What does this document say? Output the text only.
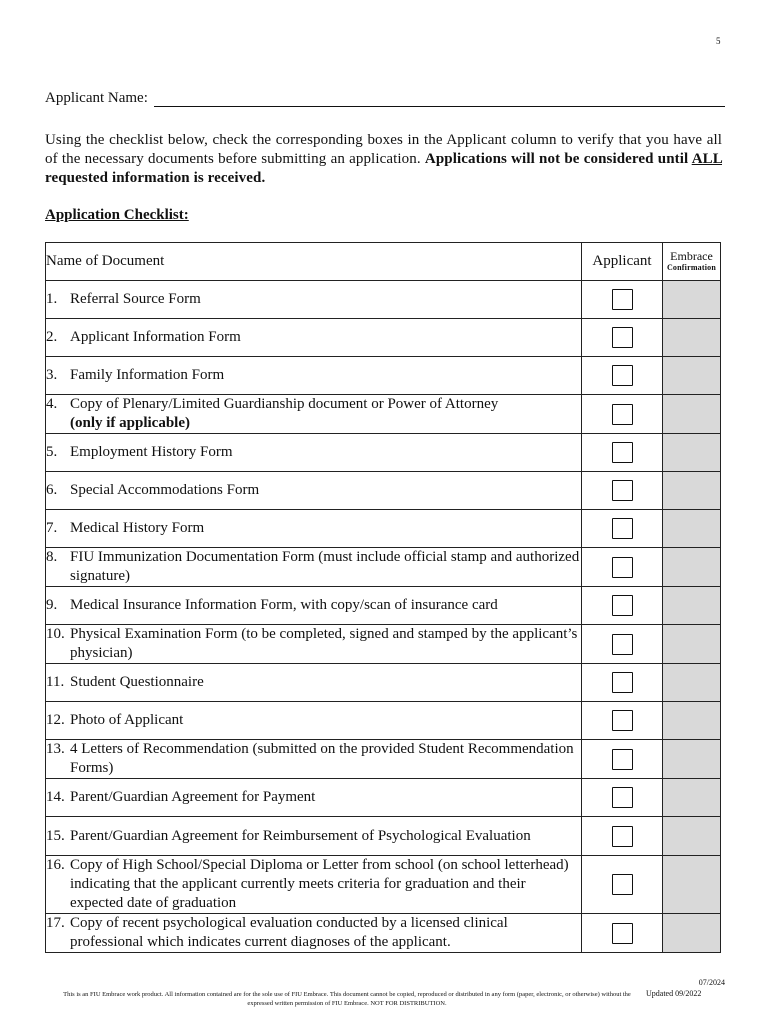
5
Applicant Name:
Using the checklist below, check the corresponding boxes in the Applicant column to verify that you have all of the necessary documents before submitting an application. Applications will not be considered until ALL requested information is received.
Application Checklist:
Name of Document	Applicant	Embrace
Confirmation

1. Referral Source Form		

2. Applicant Information Form		

3. Family Information Form		

4. Copy of Plenary/Limited Guardianship document or Power of Attorney
(only if applicable)		

5. Employment History Form		

6. Special Accommodations Form		

7. Medical History Form		

8. FIU Immunization Documentation Form (must include official stamp and authorized signature)		

9. Medical Insurance Information Form, with copy/scan of insurance card		

10. Physical Examination Form (to be completed, signed and stamped by the applicant’s physician)		

11. Student Questionnaire		

12. Photo of Applicant		

13. 4 Letters of Recommendation (submitted on the provided Student Recommendation Forms)		

14. Parent/Guardian Agreement for Payment		

15. Parent/Guardian Agreement for Reimbursement of Psychological Evaluation		

16. Copy of High School/Special Diploma or Letter from school (on school letterhead) indicating that the applicant currently meets criteria for graduation and their expected date of graduation		

17. Copy of recent psychological evaluation conducted by a licensed clinical professional which indicates current diagnoses of the applicant.		

07/2024
Updated 09/2022
This is an FIU Embrace work product. All information contained are for the sole use of FIU Embrace. This document cannot be copied, reproduced or distributed in any form (paper, electronic, or otherwise) without the expressed written permission of FIU Embrace. NOT FOR DISTRIBUTION.
